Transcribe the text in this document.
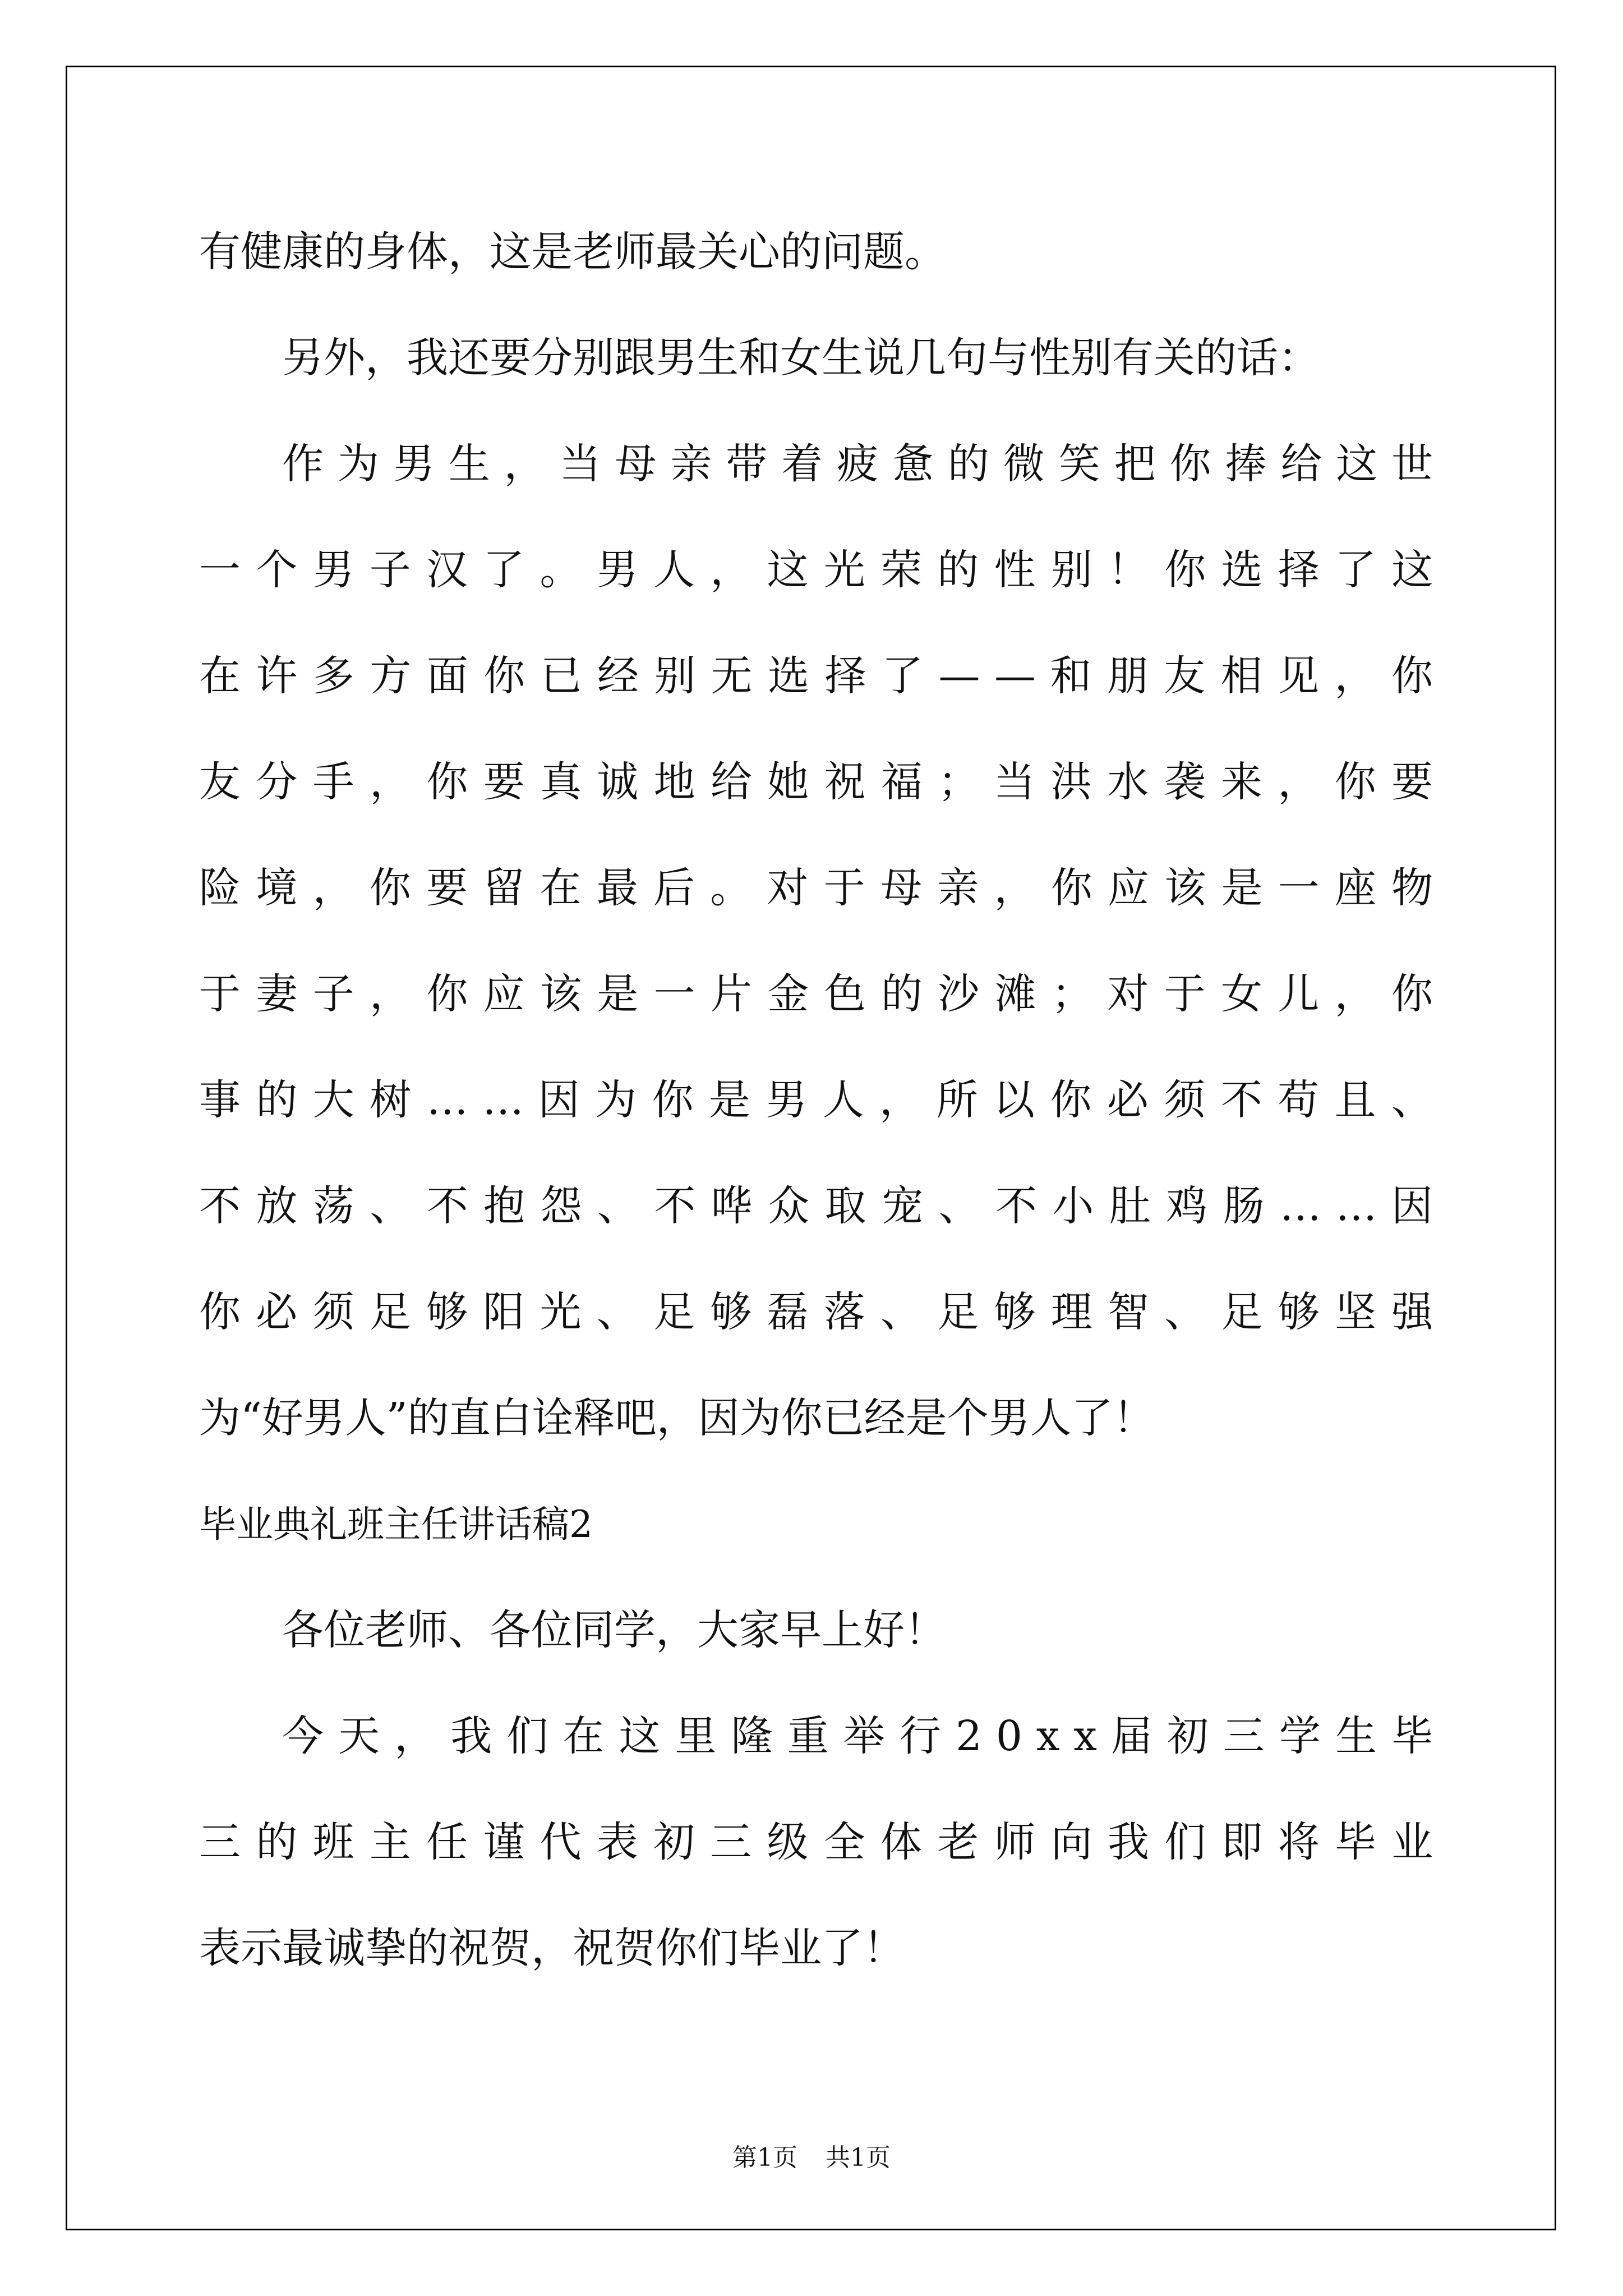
有健康的身体，这是老师最关心的问题。
另外，我还要分别跟男生和女生说几句与性别有关的话：
作 为 男 生 ， 当 母 亲 带 着 疲 惫 的 微 笑 把 你 捧 给 这 世
一 个 男 子 汉 了 。 男 人 ， 这 光 荣 的 性 别 ！ 你 选 择 了 这
在 许 多 方 面 你 已 经 别 无 选 择 了 — — 和 朋 友 相 见 ， 你
友 分 手 ， 你 要 真 诚 地 给 她 祝 福 ； 当 洪 水 袭 来 ， 你 要
险 境 ， 你 要 留 在 最 后 。 对 于 母 亲 ， 你 应 该 是 一 座 物
于 妻 子 ， 你 应 该 是 一 片 金 色 的 沙 滩 ； 对 于 女 儿 ， 你
事 的 大 树 … … 因 为 你 是 男 人 ， 所 以 你 必 须 不 苟 且 、
不 放 荡 、 不 抱 怨 、 不 哗 众 取 宠 、 不 小 肚 鸡 肠 … … 因
你 必 须 足 够 阳 光 、 足 够 磊 落 、 足 够 理 智 、 足 够 坚 强
为“好男人”的直白诠释吧，因为你已经是个男人了！
毕业典礼班主任讲话稿2
各位老师、各位同学，大家早上好！
今 天 ， 我 们 在 这 里 隆 重 举 行 2 0 x x 届 初 三 学 生 毕
三 的 班 主 任 谨 代 表 初 三 级 全 体 老 师 向 我 们 即 将 毕 业
表示最诚挚的祝贺，祝贺你们毕业了！
第1页 共1页
